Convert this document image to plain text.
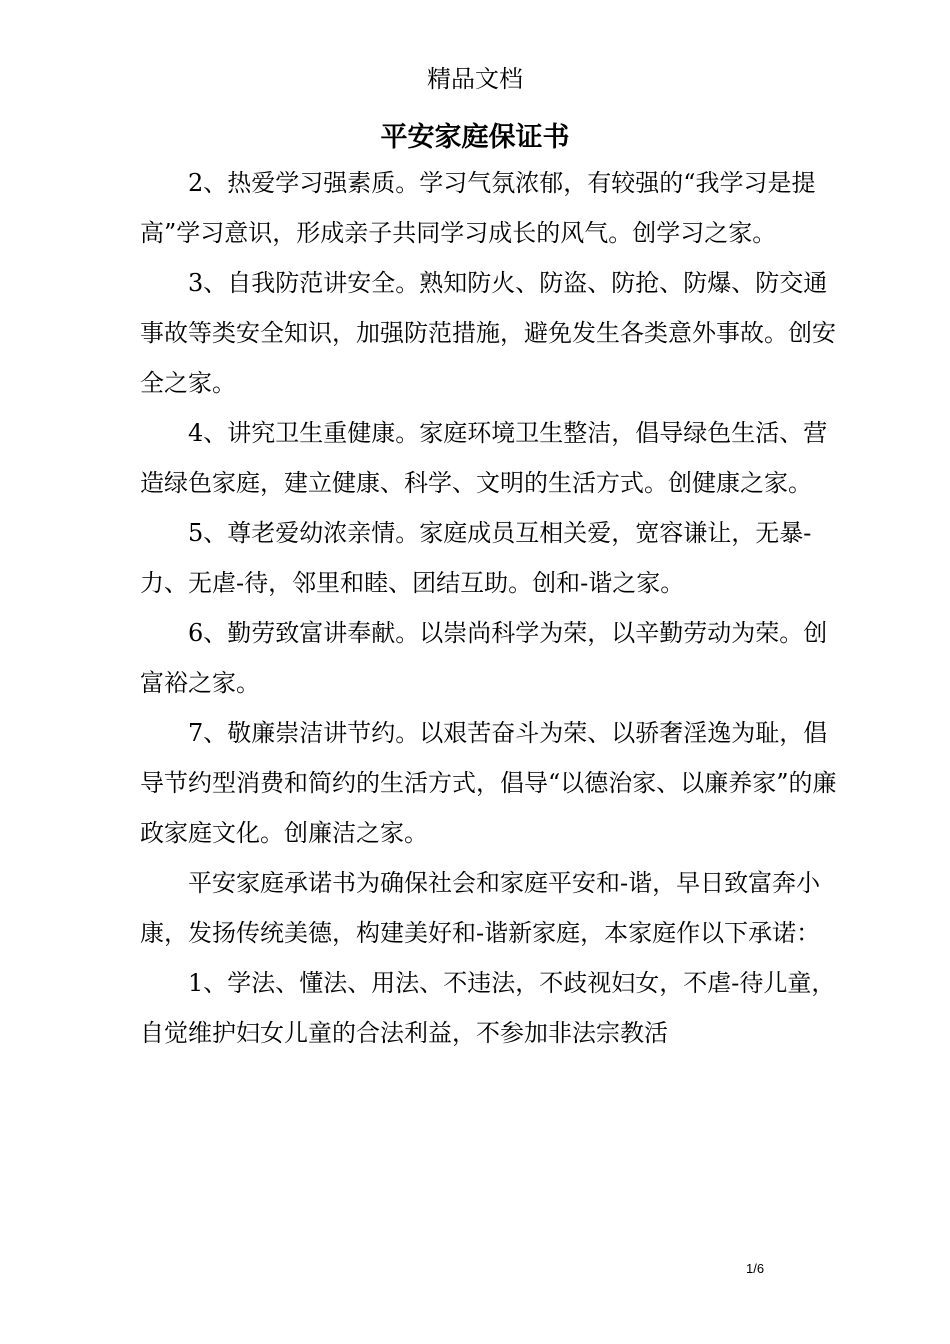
精品文档
平安家庭保证书

2、热爱学习强素质。学习气氛浓郁，有较强的“我学习是提高”学习意识，形成亲子共同学习成长的风气。创学习之家。

3、自我防范讲安全。熟知防火、防盗、防抢、防爆、防交通事故等类安全知识，加强防范措施，避免发生各类意外事故。创安全之家。

4、讲究卫生重健康。家庭环境卫生整洁，倡导绿色生活、营造绿色家庭，建立健康、科学、文明的生活方式。创健康之家。

5、尊老爱幼浓亲情。家庭成员互相关爱，宽容谦让，无暴-力、无虐-待，邻里和睦、团结互助。创和-谐之家。

6、勤劳致富讲奉献。以崇尚科学为荣，以辛勤劳动为荣。创富裕之家。

7、敬廉崇洁讲节约。以艰苦奋斗为荣、以骄奢淫逸为耻，倡导节约型消费和简约的生活方式，倡导“以德治家、以廉养家”的廉政家庭文化。创廉洁之家。

平安家庭承诺书为确保社会和家庭平安和-谐，早日致富奔小康，发扬传统美德，构建美好和-谐新家庭，本家庭作以下承诺：

1、学法、懂法、用法、不违法，不歧视妇女，不虐-待儿童，自觉维护妇女儿童的合法利益，不参加非法宗教活

1/6
